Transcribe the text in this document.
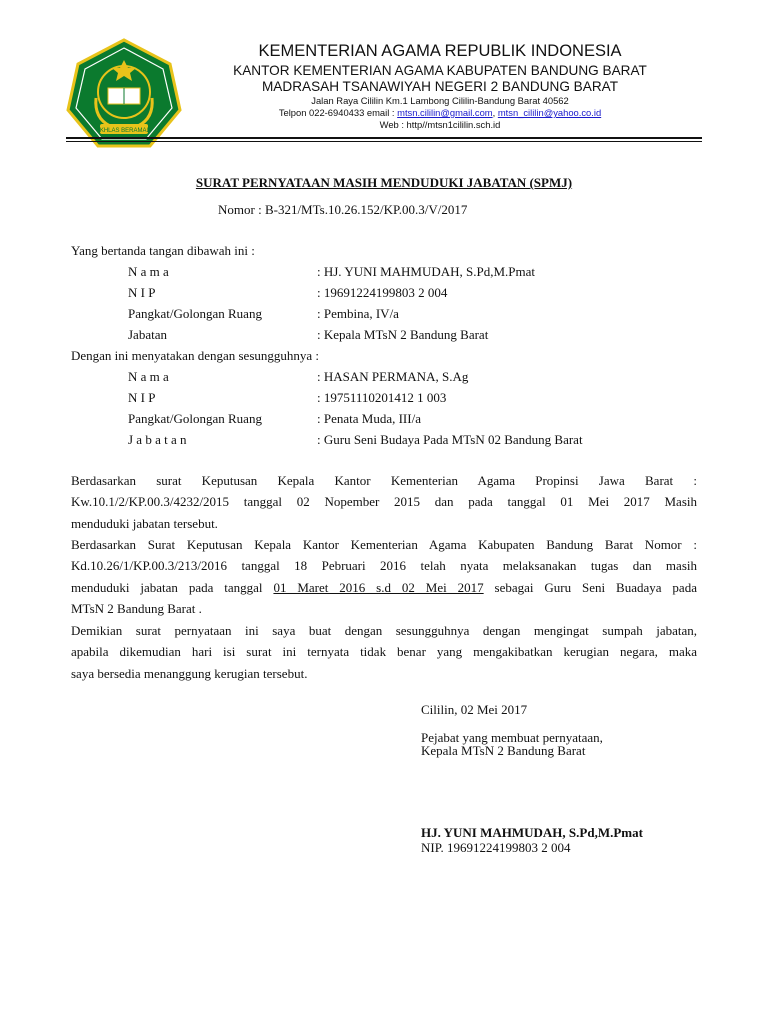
IKHLAS BERAMAL
KEMENTERIAN AGAMA REPUBLIK INDONESIA
KANTOR KEMENTERIAN AGAMA KABUPATEN BANDUNG BARAT
MADRASAH TSANAWIYAH NEGERI 2 BANDUNG BARAT
Jalan Raya Cililin Km.1 Lambong Cililin-Bandung Barat 40562
Telpon 022-6940433 email : mtsn.cililin@gmail.com, mtsn_cililin@yahoo.co.id
Web : http//mtsn1cililin.sch.id
SURAT PERNYATAAN MASIH MENDUDUKI JABATAN (SPMJ)
Nomor : B-321/MTs.10.26.152/KP.00.3/V/2017
Yang bertanda tangan dibawah ini :
N a m a	: HJ. YUNI MAHMUDAH, S.Pd,M.Pmat
N I P	: 19691224199803 2 004
Pangkat/Golongan Ruang	: Pembina, IV/a
Jabatan	: Kepala MTsN 2 Bandung Barat
Dengan ini menyatakan dengan sesungguhnya :
N a m a	: HASAN PERMANA, S.Ag
N I P	: 19751110201412 1 003
Pangkat/Golongan Ruang	: Penata Muda, III/a
J a b a t a n	: Guru Seni Budaya Pada MTsN 02 Bandung Barat
Berdasarkan surat Keputusan Kepala Kantor Kementerian Agama Propinsi Jawa Barat :
Kw.10.1/2/KP.00.3/4232/2015 tanggal 02 Nopember 2015 dan pada tanggal 01 Mei 2017 Masih
menduduki jabatan tersebut.
Berdasarkan Surat Keputusan Kepala Kantor Kementerian Agama Kabupaten Bandung Barat Nomor :
Kd.10.26/1/KP.00.3/213/2016 tanggal 18 Pebruari 2016 telah nyata melaksanakan tugas dan masih
menduduki jabatan pada tanggal 01 Maret 2016 s.d 02 Mei 2017 sebagai Guru Seni Buadaya pada
MTsN 2 Bandung Barat .
Demikian surat pernyataan ini saya buat dengan sesungguhnya dengan mengingat sumpah jabatan,
apabila dikemudian hari isi surat ini ternyata tidak benar yang mengakibatkan kerugian negara, maka
saya bersedia menanggung kerugian tersebut.
Cililin, 02 Mei 2017
Pejabat yang membuat pernyataan,
Kepala MTsN 2 Bandung Barat
HJ. YUNI MAHMUDAH, S.Pd,M.Pmat
NIP. 19691224199803 2 004
